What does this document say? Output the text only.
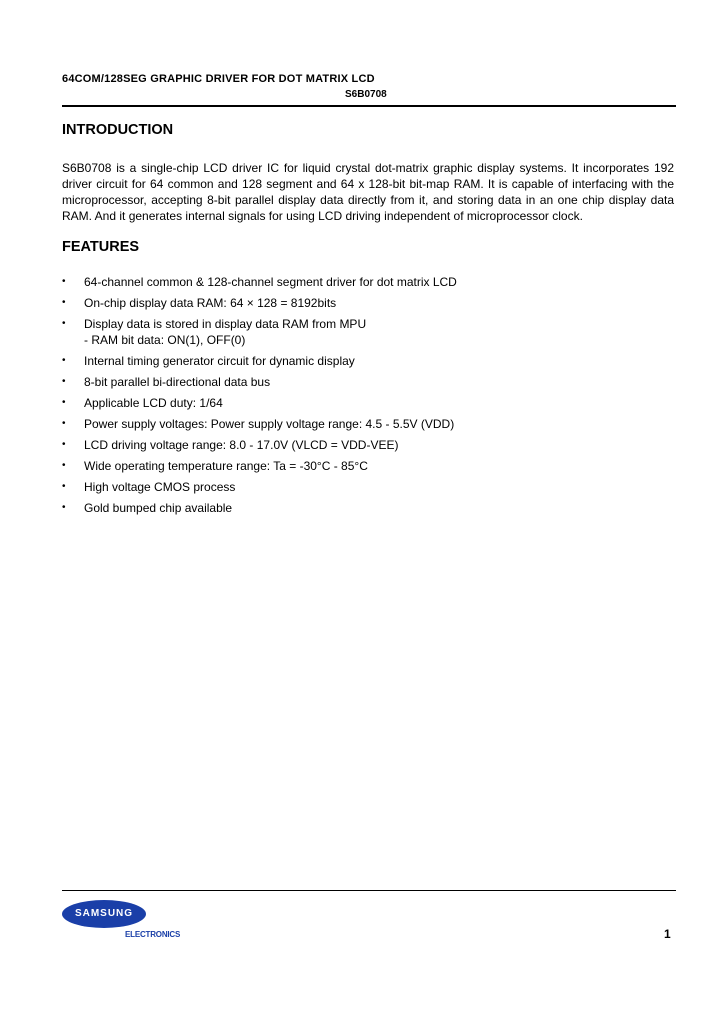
64COM/128SEG GRAPHIC DRIVER FOR DOT MATRIX LCD
S6B0708
INTRODUCTION
S6B0708 is a single-chip LCD driver IC for liquid crystal dot-matrix graphic display systems. It incorporates 192 driver circuit for 64 common and 128 segment and 64 x 128-bit bit-map RAM. It is capable of interfacing with the microprocessor, accepting 8-bit parallel display data directly from it, and storing data in an one chip display data RAM. And it generates internal signals for using LCD driving independent of microprocessor clock.
FEATURES
• 64-channel common & 128-channel segment driver for dot matrix LCD
• On-chip display data RAM: 64 × 128 = 8192bits
• Display data is stored in display data RAM from MPU
- RAM bit data: ON(1), OFF(0)
• Internal timing generator circuit for dynamic display
• 8-bit parallel bi-directional data bus
• Applicable LCD duty: 1/64
• Power supply voltages: Power supply voltage range: 4.5 - 5.5V (VDD)
• LCD driving voltage range: 8.0 - 17.0V (VLCD = VDD-VEE)
• Wide operating temperature range: Ta = -30°C - 85°C
• High voltage CMOS process
• Gold bumped chip available
SAMSUNG
ELECTRONICS	1
